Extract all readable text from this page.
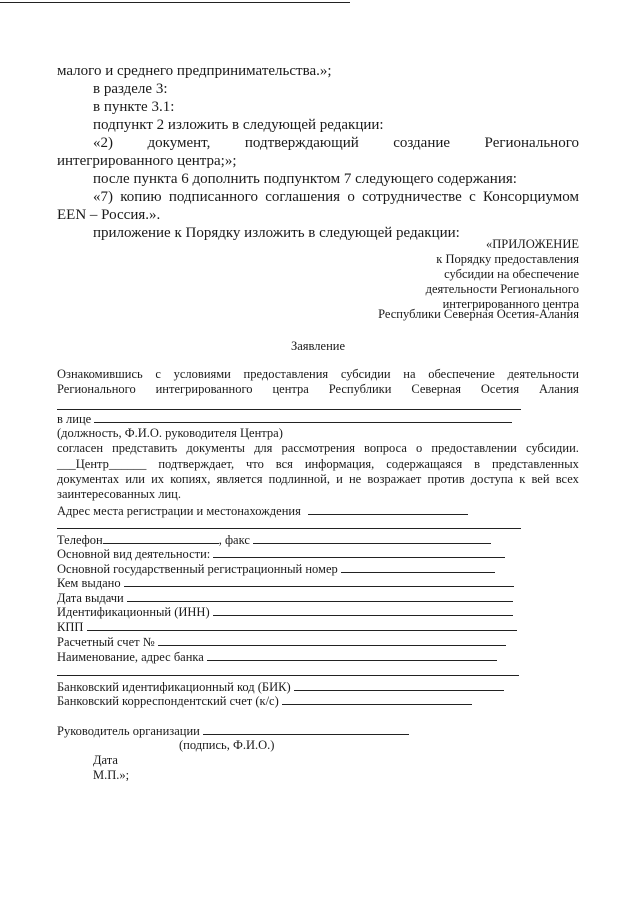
малого и среднего предпринимательства.»;
в разделе 3:
в пункте 3.1:
подпункт 2 изложить в следующей редакции:
«2) документ, подтверждающий создание Регионального
интегрированного центра;»;
после пункта 6 дополнить подпунктом 7 следующего содержания:
«7) копию подписанного соглашения о сотрудничестве с Консорциумом
EEN – Россия.».
приложение к Порядку изложить в следующей редакции:
«ПРИЛОЖЕНИЕ
к Порядку предоставления
субсидии на обеспечение
деятельности Регионального
интегрированного центра
Республики Северная Осетия-Алания
Заявление
Ознакомившись с условиями предоставления субсидии на обеспечение деятельности
Регионального интегрированного центра Республики Северная Осетия Алания
в лице
(должность, Ф.И.О. руководителя Центра)
согласен представить документы для рассмотрения вопроса о предоставлении субсидии.
___Центр______ подтверждает, что вся информация, содержащаяся в представленных
документах или их копиях, является подлинной, и не возражает против доступа к вей всех
заинтересованных лиц.
Адрес места регистрации и местонахождения
Телефон	, факс
Основной вид деятельности:
Основной государственный регистрационный номер
Кем выдано
Дата выдачи
Идентификационный (ИНН)
КПП
Расчетный счет №
Наименование, адрес банка
Банковский идентификационный код (БИК)
Банковский корреспондентский счет (к/с)
Руководитель организации
(подпись, Ф.И.О.)
Дата
М.П.»;
